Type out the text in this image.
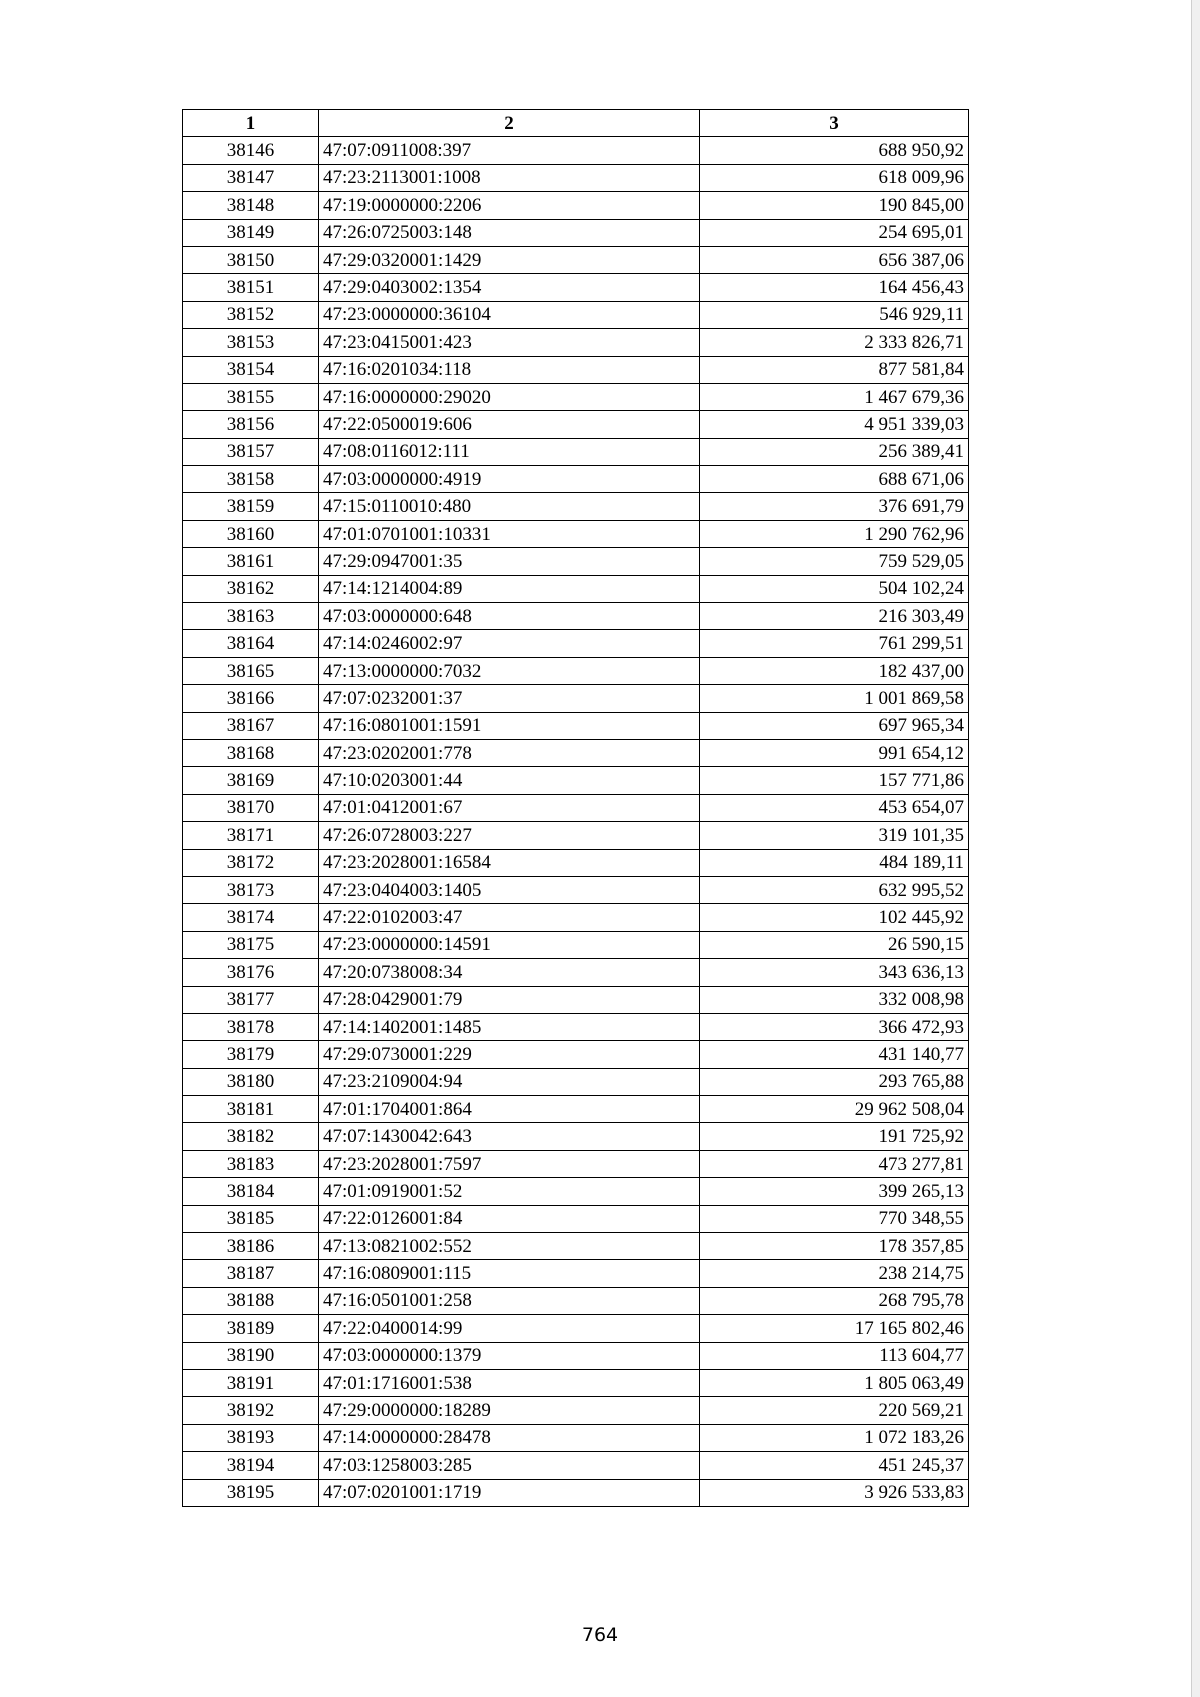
1	2	3
38146	47:07:0911008:397	688 950,92
38147	47:23:2113001:1008	618 009,96
38148	47:19:0000000:2206	190 845,00
38149	47:26:0725003:148	254 695,01
38150	47:29:0320001:1429	656 387,06
38151	47:29:0403002:1354	164 456,43
38152	47:23:0000000:36104	546 929,11
38153	47:23:0415001:423	2 333 826,71
38154	47:16:0201034:118	877 581,84
38155	47:16:0000000:29020	1 467 679,36
38156	47:22:0500019:606	4 951 339,03
38157	47:08:0116012:111	256 389,41
38158	47:03:0000000:4919	688 671,06
38159	47:15:0110010:480	376 691,79
38160	47:01:0701001:10331	1 290 762,96
38161	47:29:0947001:35	759 529,05
38162	47:14:1214004:89	504 102,24
38163	47:03:0000000:648	216 303,49
38164	47:14:0246002:97	761 299,51
38165	47:13:0000000:7032	182 437,00
38166	47:07:0232001:37	1 001 869,58
38167	47:16:0801001:1591	697 965,34
38168	47:23:0202001:778	991 654,12
38169	47:10:0203001:44	157 771,86
38170	47:01:0412001:67	453 654,07
38171	47:26:0728003:227	319 101,35
38172	47:23:2028001:16584	484 189,11
38173	47:23:0404003:1405	632 995,52
38174	47:22:0102003:47	102 445,92
38175	47:23:0000000:14591	26 590,15
38176	47:20:0738008:34	343 636,13
38177	47:28:0429001:79	332 008,98
38178	47:14:1402001:1485	366 472,93
38179	47:29:0730001:229	431 140,77
38180	47:23:2109004:94	293 765,88
38181	47:01:1704001:864	29 962 508,04
38182	47:07:1430042:643	191 725,92
38183	47:23:2028001:7597	473 277,81
38184	47:01:0919001:52	399 265,13
38185	47:22:0126001:84	770 348,55
38186	47:13:0821002:552	178 357,85
38187	47:16:0809001:115	238 214,75
38188	47:16:0501001:258	268 795,78
38189	47:22:0400014:99	17 165 802,46
38190	47:03:0000000:1379	113 604,77
38191	47:01:1716001:538	1 805 063,49
38192	47:29:0000000:18289	220 569,21
38193	47:14:0000000:28478	1 072 183,26
38194	47:03:1258003:285	451 245,37
38195	47:07:0201001:1719	3 926 533,83
764
